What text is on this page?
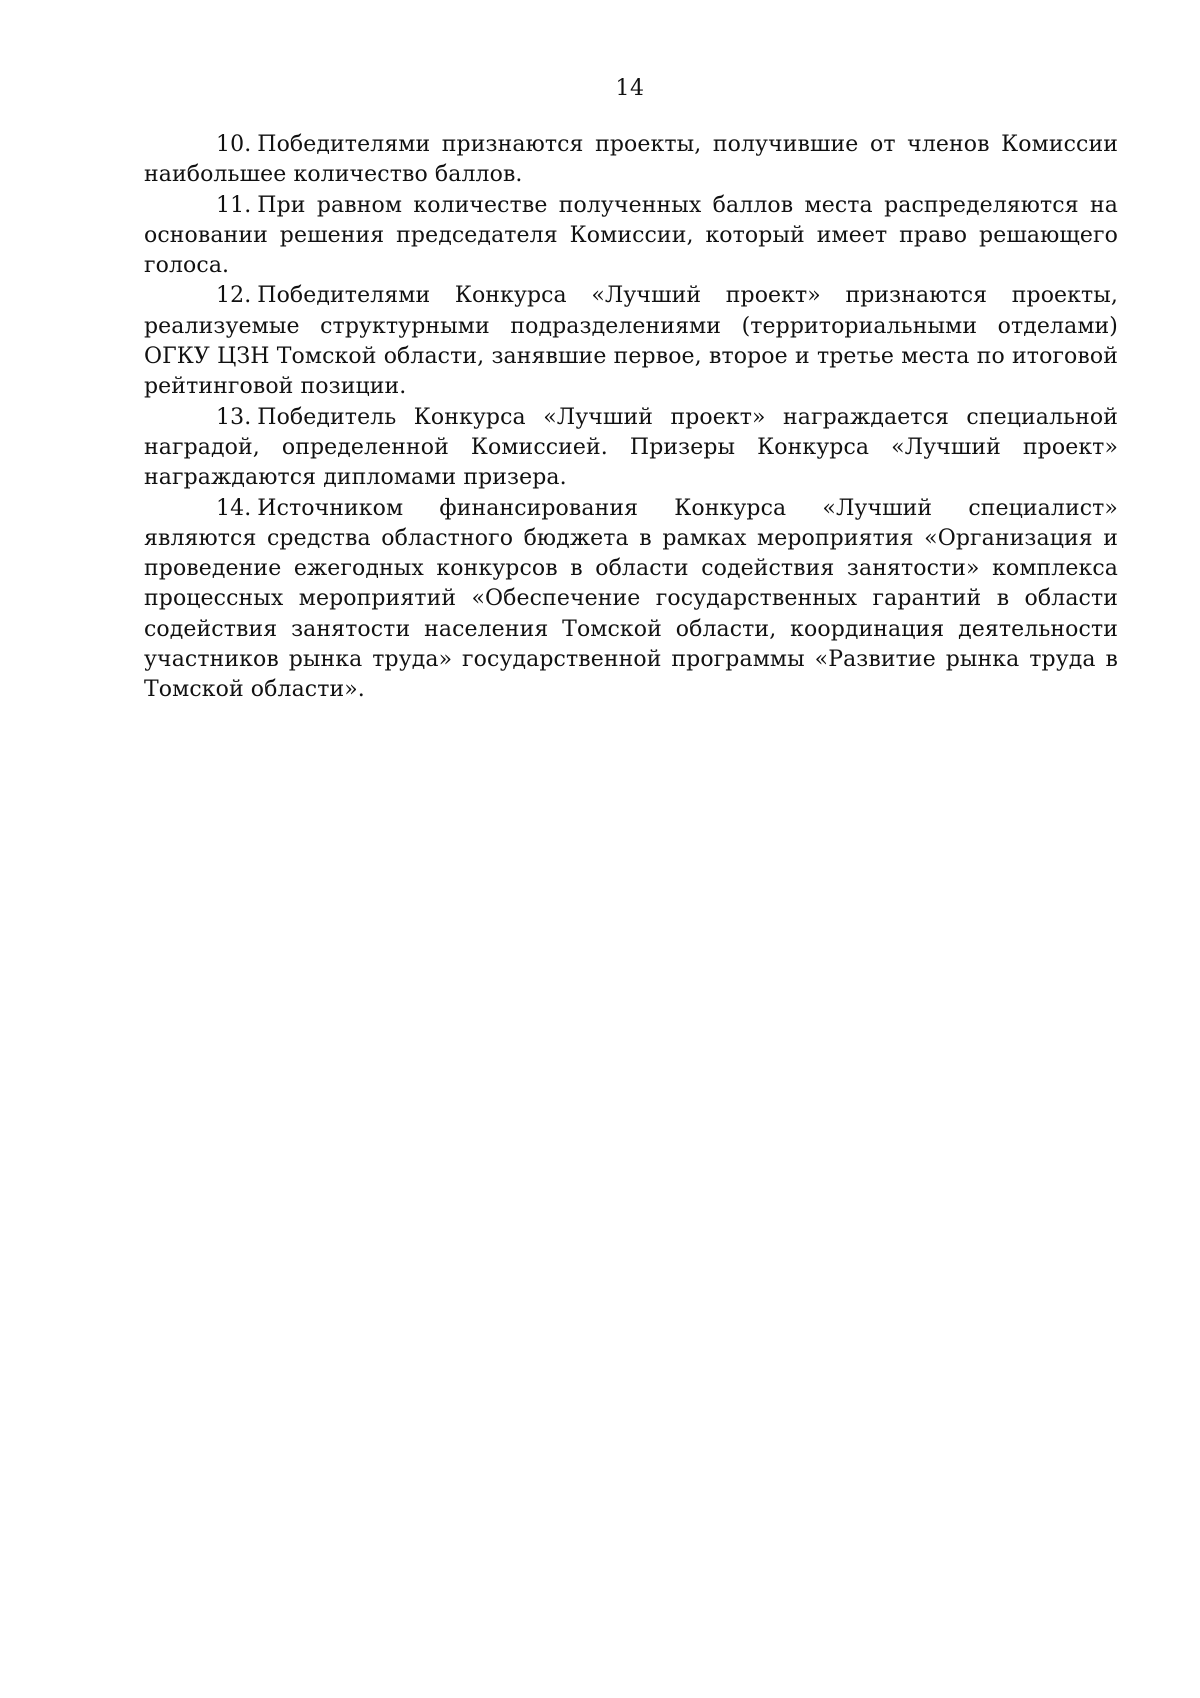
14

10. Победителями признаются проекты, получившие от членов Комиссии наибольшее количество баллов.

11. При равном количестве полученных баллов места распределяются на основании решения председателя Комиссии, который имеет право решающего голоса.

12. Победителями Конкурса «Лучший проект» признаются проекты, реализуемые структурными подразделениями (территориальными отделами) ОГКУ ЦЗН Томской области, занявшие первое, второе и третье места по итоговой рейтинговой позиции.

13. Победитель Конкурса «Лучший проект» награждается специальной наградой, определенной Комиссией. Призеры Конкурса «Лучший проект» награждаются дипломами призера.

14. Источником финансирования Конкурса «Лучший специалист» являются средства областного бюджета в рамках мероприятия «Организация и проведение ежегодных конкурсов в области содействия занятости» комплекса процессных мероприятий «Обеспечение государственных гарантий в области содействия занятости населения Томской области, координация деятельности участников рынка труда» государственной программы «Развитие рынка труда в Томской области».
